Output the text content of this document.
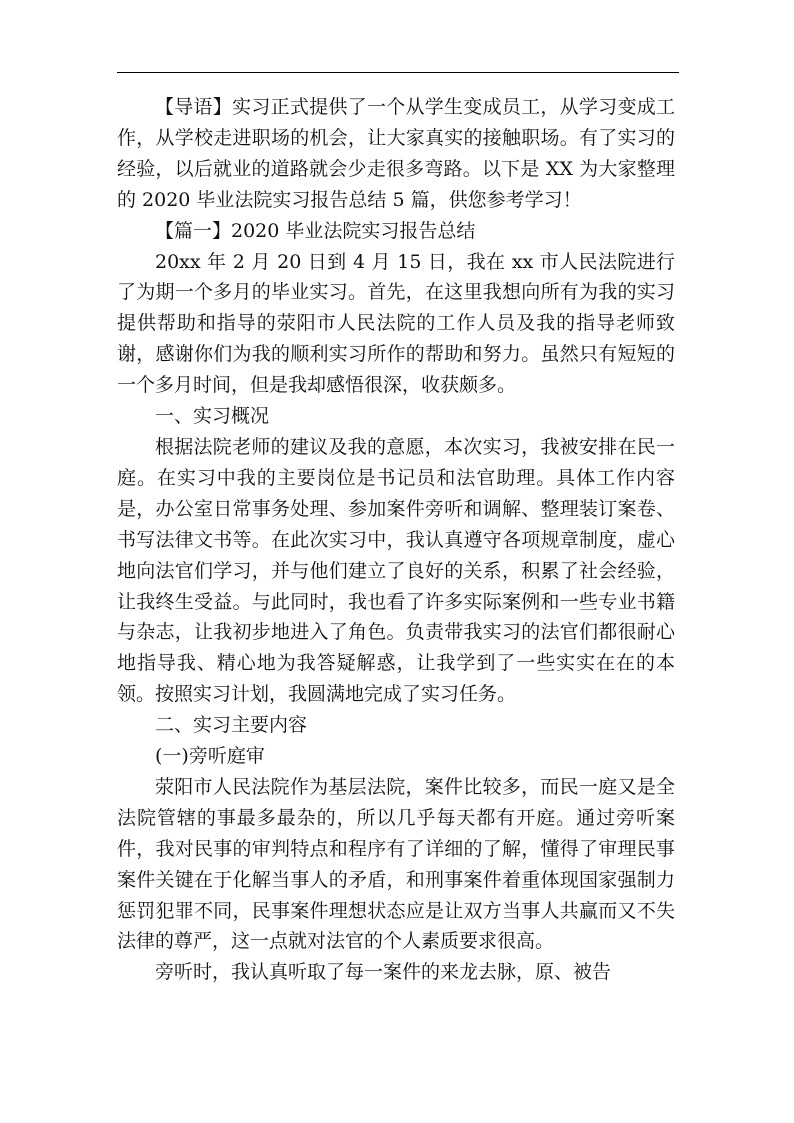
【导语】实习正式提供了一个从学生变成员工，从学习变成工作，从学校走进职场的机会，让大家真实的接触职场。有了实习的经验，以后就业的道路就会少走很多弯路。以下是 XX 为大家整理的 2020 毕业法院实习报告总结 5 篇，供您参考学习！

【篇一】2020 毕业法院实习报告总结

20xx 年 2 月 20 日到 4 月 15 日，我在 xx 市人民法院进行了为期一个多月的毕业实习。首先，在这里我想向所有为我的实习提供帮助和指导的荥阳市人民法院的工作人员及我的指导老师致谢，感谢你们为我的顺利实习所作的帮助和努力。虽然只有短短的一个多月时间，但是我却感悟很深，收获颇多。

一、实习概况

根据法院老师的建议及我的意愿，本次实习，我被安排在民一庭。在实习中我的主要岗位是书记员和法官助理。具体工作内容是，办公室日常事务处理、参加案件旁听和调解、整理装订案卷、书写法律文书等。在此次实习中，我认真遵守各项规章制度，虚心地向法官们学习，并与他们建立了良好的关系，积累了社会经验，让我终生受益。与此同时，我也看了许多实际案例和一些专业书籍与杂志，让我初步地进入了角色。负责带我实习的法官们都很耐心地指导我、精心地为我答疑解惑，让我学到了一些实实在在的本领。按照实习计划，我圆满地完成了实习任务。

二、实习主要内容

(一)旁听庭审

荥阳市人民法院作为基层法院，案件比较多，而民一庭又是全法院管辖的事最多最杂的，所以几乎每天都有开庭。通过旁听案件，我对民事的审判特点和程序有了详细的了解，懂得了审理民事案件关键在于化解当事人的矛盾，和刑事案件着重体现国家强制力惩罚犯罪不同，民事案件理想状态应是让双方当事人共赢而又不失法律的尊严，这一点就对法官的个人素质要求很高。

旁听时，我认真听取了每一案件的来龙去脉，原、被告
